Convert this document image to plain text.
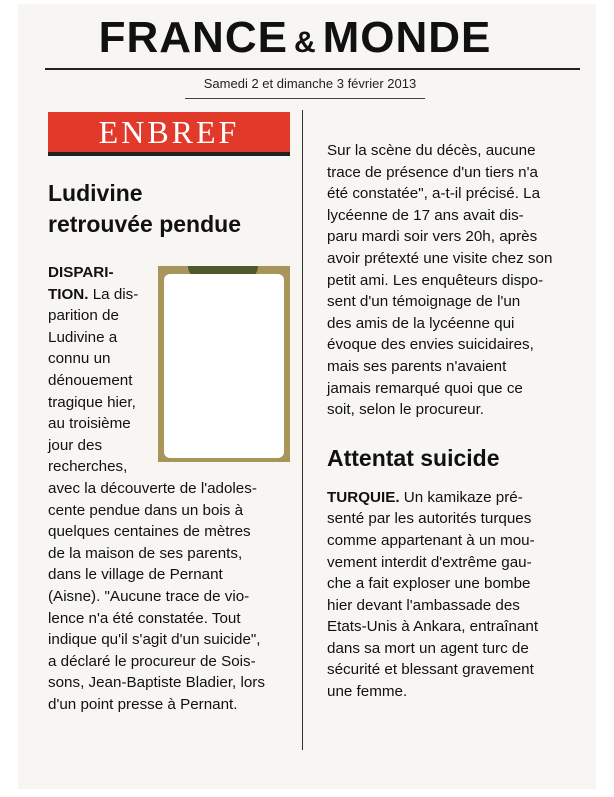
FRANCE & MONDE
Samedi 2 et dimanche 3 février 2013
ENBREF
Ludivine
retrouvée pendue
DISPARI-
TION. La dis-
parition de
Ludivine a
connu un
dénouement
tragique hier,
au troisième
jour des
recherches,
avec la découverte de l'adoles-
cente pendue dans un bois à
quelques centaines de mètres
de la maison de ses parents,
dans le village de Pernant
(Aisne). "Aucune trace de vio-
lence n'a été constatée. Tout
indique qu'il s'agit d'un suicide",
a déclaré le procureur de Sois-
sons, Jean-Baptiste Bladier, lors
d'un point presse à Pernant.
Sur la scène du décès, aucune
trace de présence d'un tiers n'a
été constatée", a-t-il précisé. La
lycéenne de 17 ans avait dis-
paru mardi soir vers 20h, après
avoir prétexté une visite chez son
petit ami. Les enquêteurs dispo-
sent d'un témoignage de l'un
des amis de la lycéenne qui
évoque des envies suicidaires,
mais ses parents n'avaient
jamais remarqué quoi que ce
soit, selon le procureur.
Attentat suicide
TURQUIE. Un kamikaze pré-
senté par les autorités turques
comme appartenant à un mou-
vement interdit d'extrême gau-
che a fait exploser une bombe
hier devant l'ambassade des
Etats-Unis à Ankara, entraînant
dans sa mort un agent turc de
sécurité et blessant gravement
une femme.
